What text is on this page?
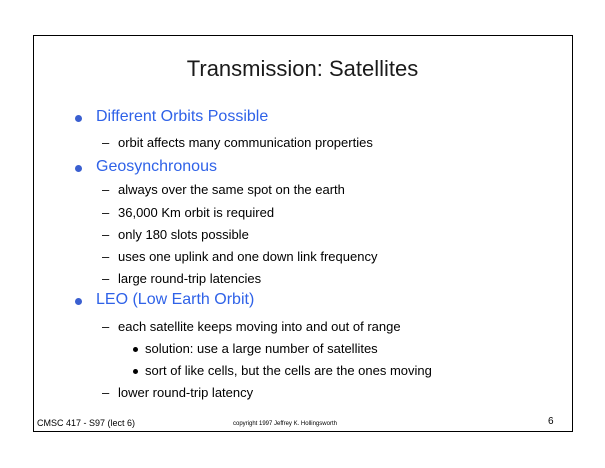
Transmission: Satellites
Different Orbits Possible
– orbit affects many communication properties
Geosynchronous
– always over the same spot on the earth
– 36,000 Km orbit is required
– only 180 slots possible
– uses one uplink and one down link frequency
– large round-trip latencies
LEO (Low Earth Orbit)
– each satellite keeps moving into and out of range
solution: use a large number of satellites
sort of like cells, but the cells are the ones moving
– lower round-trip latency
CMSC 417 - S97 (lect 6)	copyright 1997 Jeffrey K. Hollingsworth	6
